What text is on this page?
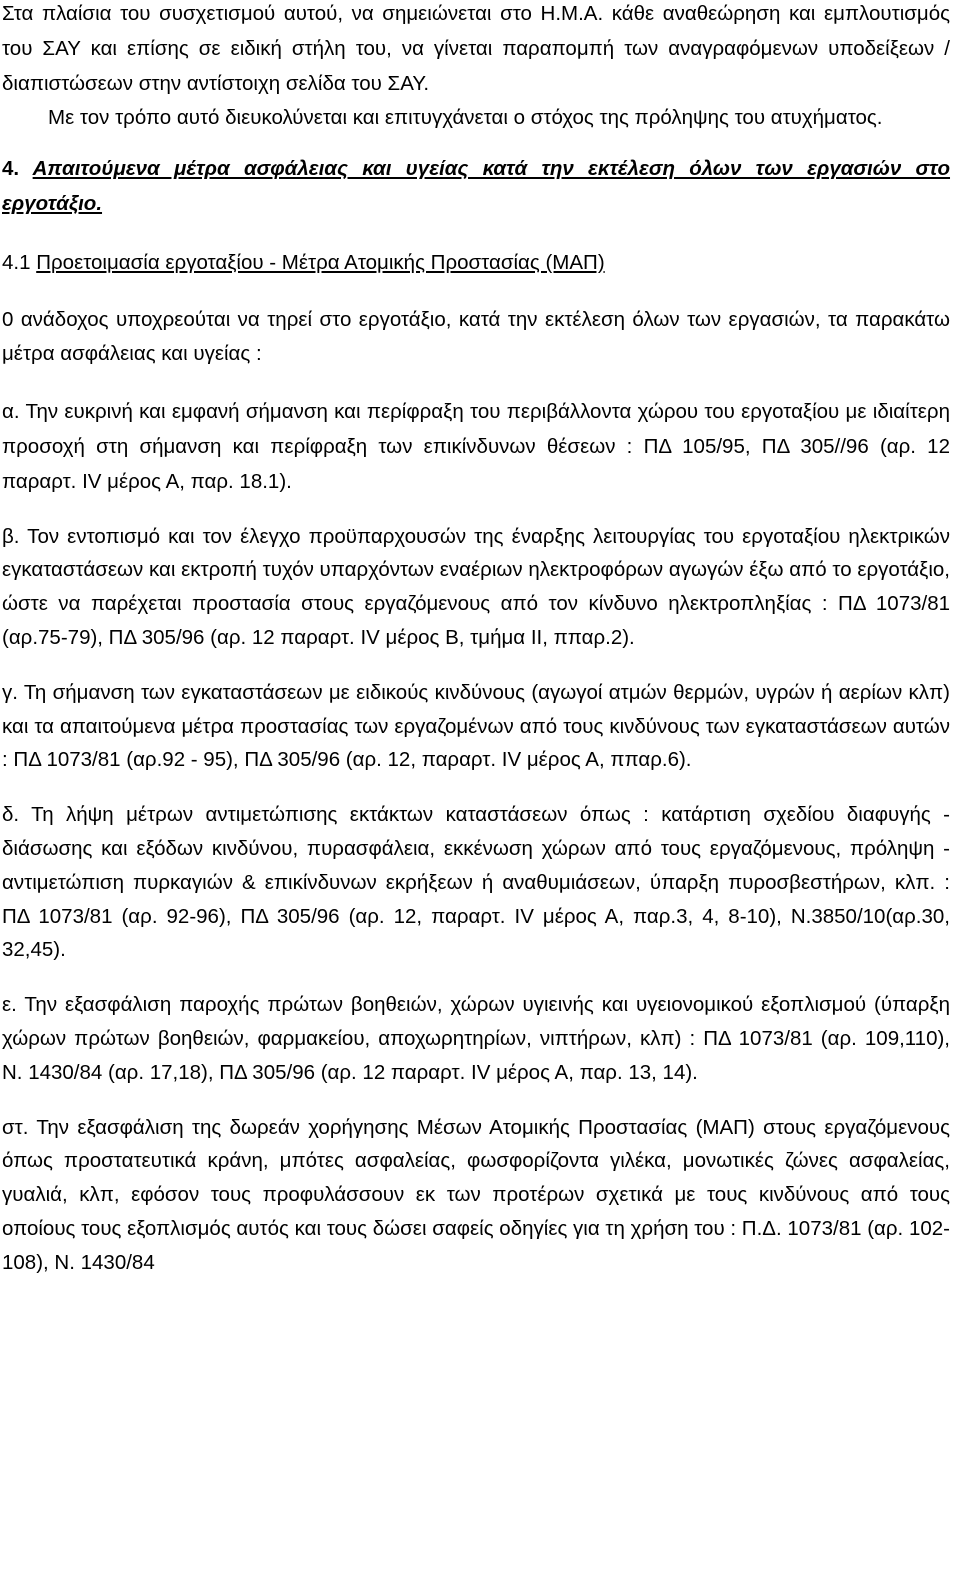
Στα πλαίσια του συσχετισμού αυτού, να σημειώνεται στο Η.Μ.Α. κάθε αναθεώρηση και εμπλουτισμός του ΣΑΥ και επίσης σε ειδική στήλη του, να γίνεται παραπομπή των αναγραφόμενων υποδείξεων / διαπιστώσεων στην αντίστοιχη σελίδα του ΣΑΥ.

Με τον τρόπο αυτό διευκολύνεται και επιτυγχάνεται ο στόχος της πρόληψης του ατυχήματος.

4. Απαιτούμενα μέτρα ασφάλειας και υγείας κατά την εκτέλεση όλων των εργασιών στο εργοτάξιο.

4.1 Προετοιμασία εργοταξίου - Μέτρα Ατομικής Προστασίας (ΜΑΠ)

0 ανάδοχος υποχρεούται να τηρεί στο εργοτάξιο, κατά την εκτέλεση όλων των εργασιών, τα παρακάτω μέτρα ασφάλειας και υγείας :

α. Την ευκρινή και εμφανή σήμανση και περίφραξη του περιβάλλοντα χώρου του εργοταξίου με ιδιαίτερη προσοχή στη σήμανση και περίφραξη των επικίνδυνων θέσεων : ΠΔ 105/95, ΠΔ 305//96 (αρ. 12 παραρτ. IV μέρος Α, παρ. 18.1).

β. Τον εντοπισμό και τον έλεγχο προϋπαρχουσών της έναρξης λειτουργίας του εργοταξίου ηλεκτρικών εγκαταστάσεων και εκτροπή τυχόν υπαρχόντων εναέριων ηλεκτροφόρων αγωγών έξω από το εργοτάξιο, ώστε να παρέχεται προστασία στους εργαζόμενους από τον κίνδυνο ηλεκτροπληξίας : ΠΔ 1073/81 (αρ.75-79), ΠΔ 305/96 (αρ. 12 παραρτ. IV μέρος Β, τμήμα II, ππαρ.2).

γ. Τη σήμανση των εγκαταστάσεων με ειδικούς κινδύνους (αγωγοί ατμών θερμών, υγρών ή αερίων κλπ) και τα απαιτούμενα μέτρα προστασίας των εργαζομένων από τους κινδύνους των εγκαταστάσεων αυτών : ΠΔ 1073/81 (αρ.92 - 95), ΠΔ 305/96 (αρ. 12, παραρτ. IV μέρος Α, ππαρ.6).

δ. Τη λήψη μέτρων αντιμετώπισης εκτάκτων καταστάσεων όπως : κατάρτιση σχεδίου διαφυγής - διάσωσης και εξόδων κινδύνου, πυρασφάλεια, εκκένωση χώρων από τους εργαζόμενους, πρόληψη - αντιμετώπιση πυρκαγιών & επικίνδυνων εκρήξεων ή αναθυμιάσεων, ύπαρξη πυροσβεστήρων, κλπ. : ΠΔ 1073/81 (αρ. 92-96), ΠΔ 305/96 (αρ. 12, παραρτ. IV μέρος Α, παρ.3, 4, 8-10), Ν.3850/10(αρ.30, 32,45).

ε. Την εξασφάλιση παροχής πρώτων βοηθειών, χώρων υγιεινής και υγειονομικού εξοπλισμού (ύπαρξη χώρων πρώτων βοηθειών, φαρμακείου, αποχωρητηρίων, νιπτήρων, κλπ) : ΠΔ 1073/81 (αρ. 109,110), Ν. 1430/84 (αρ. 17,18), ΠΔ 305/96 (αρ. 12 παραρτ. IV μέρος Α, παρ. 13, 14).

στ. Την εξασφάλιση της δωρεάν χορήγησης Μέσων Ατομικής Προστασίας (ΜΑΠ) στους εργαζόμενους όπως προστατευτικά κράνη, μπότες ασφαλείας, φωσφορίζοντα γιλέκα, μονωτικές ζώνες ασφαλείας, γυαλιά, κλπ, εφόσον τους προφυλάσσουν εκ των προτέρων σχετικά με τους κινδύνους από τους οποίους τους εξοπλισμός αυτός και τους δώσει σαφείς οδηγίες για τη χρήση του : Π.Δ. 1073/81 (αρ. 102-108), Ν. 1430/84
